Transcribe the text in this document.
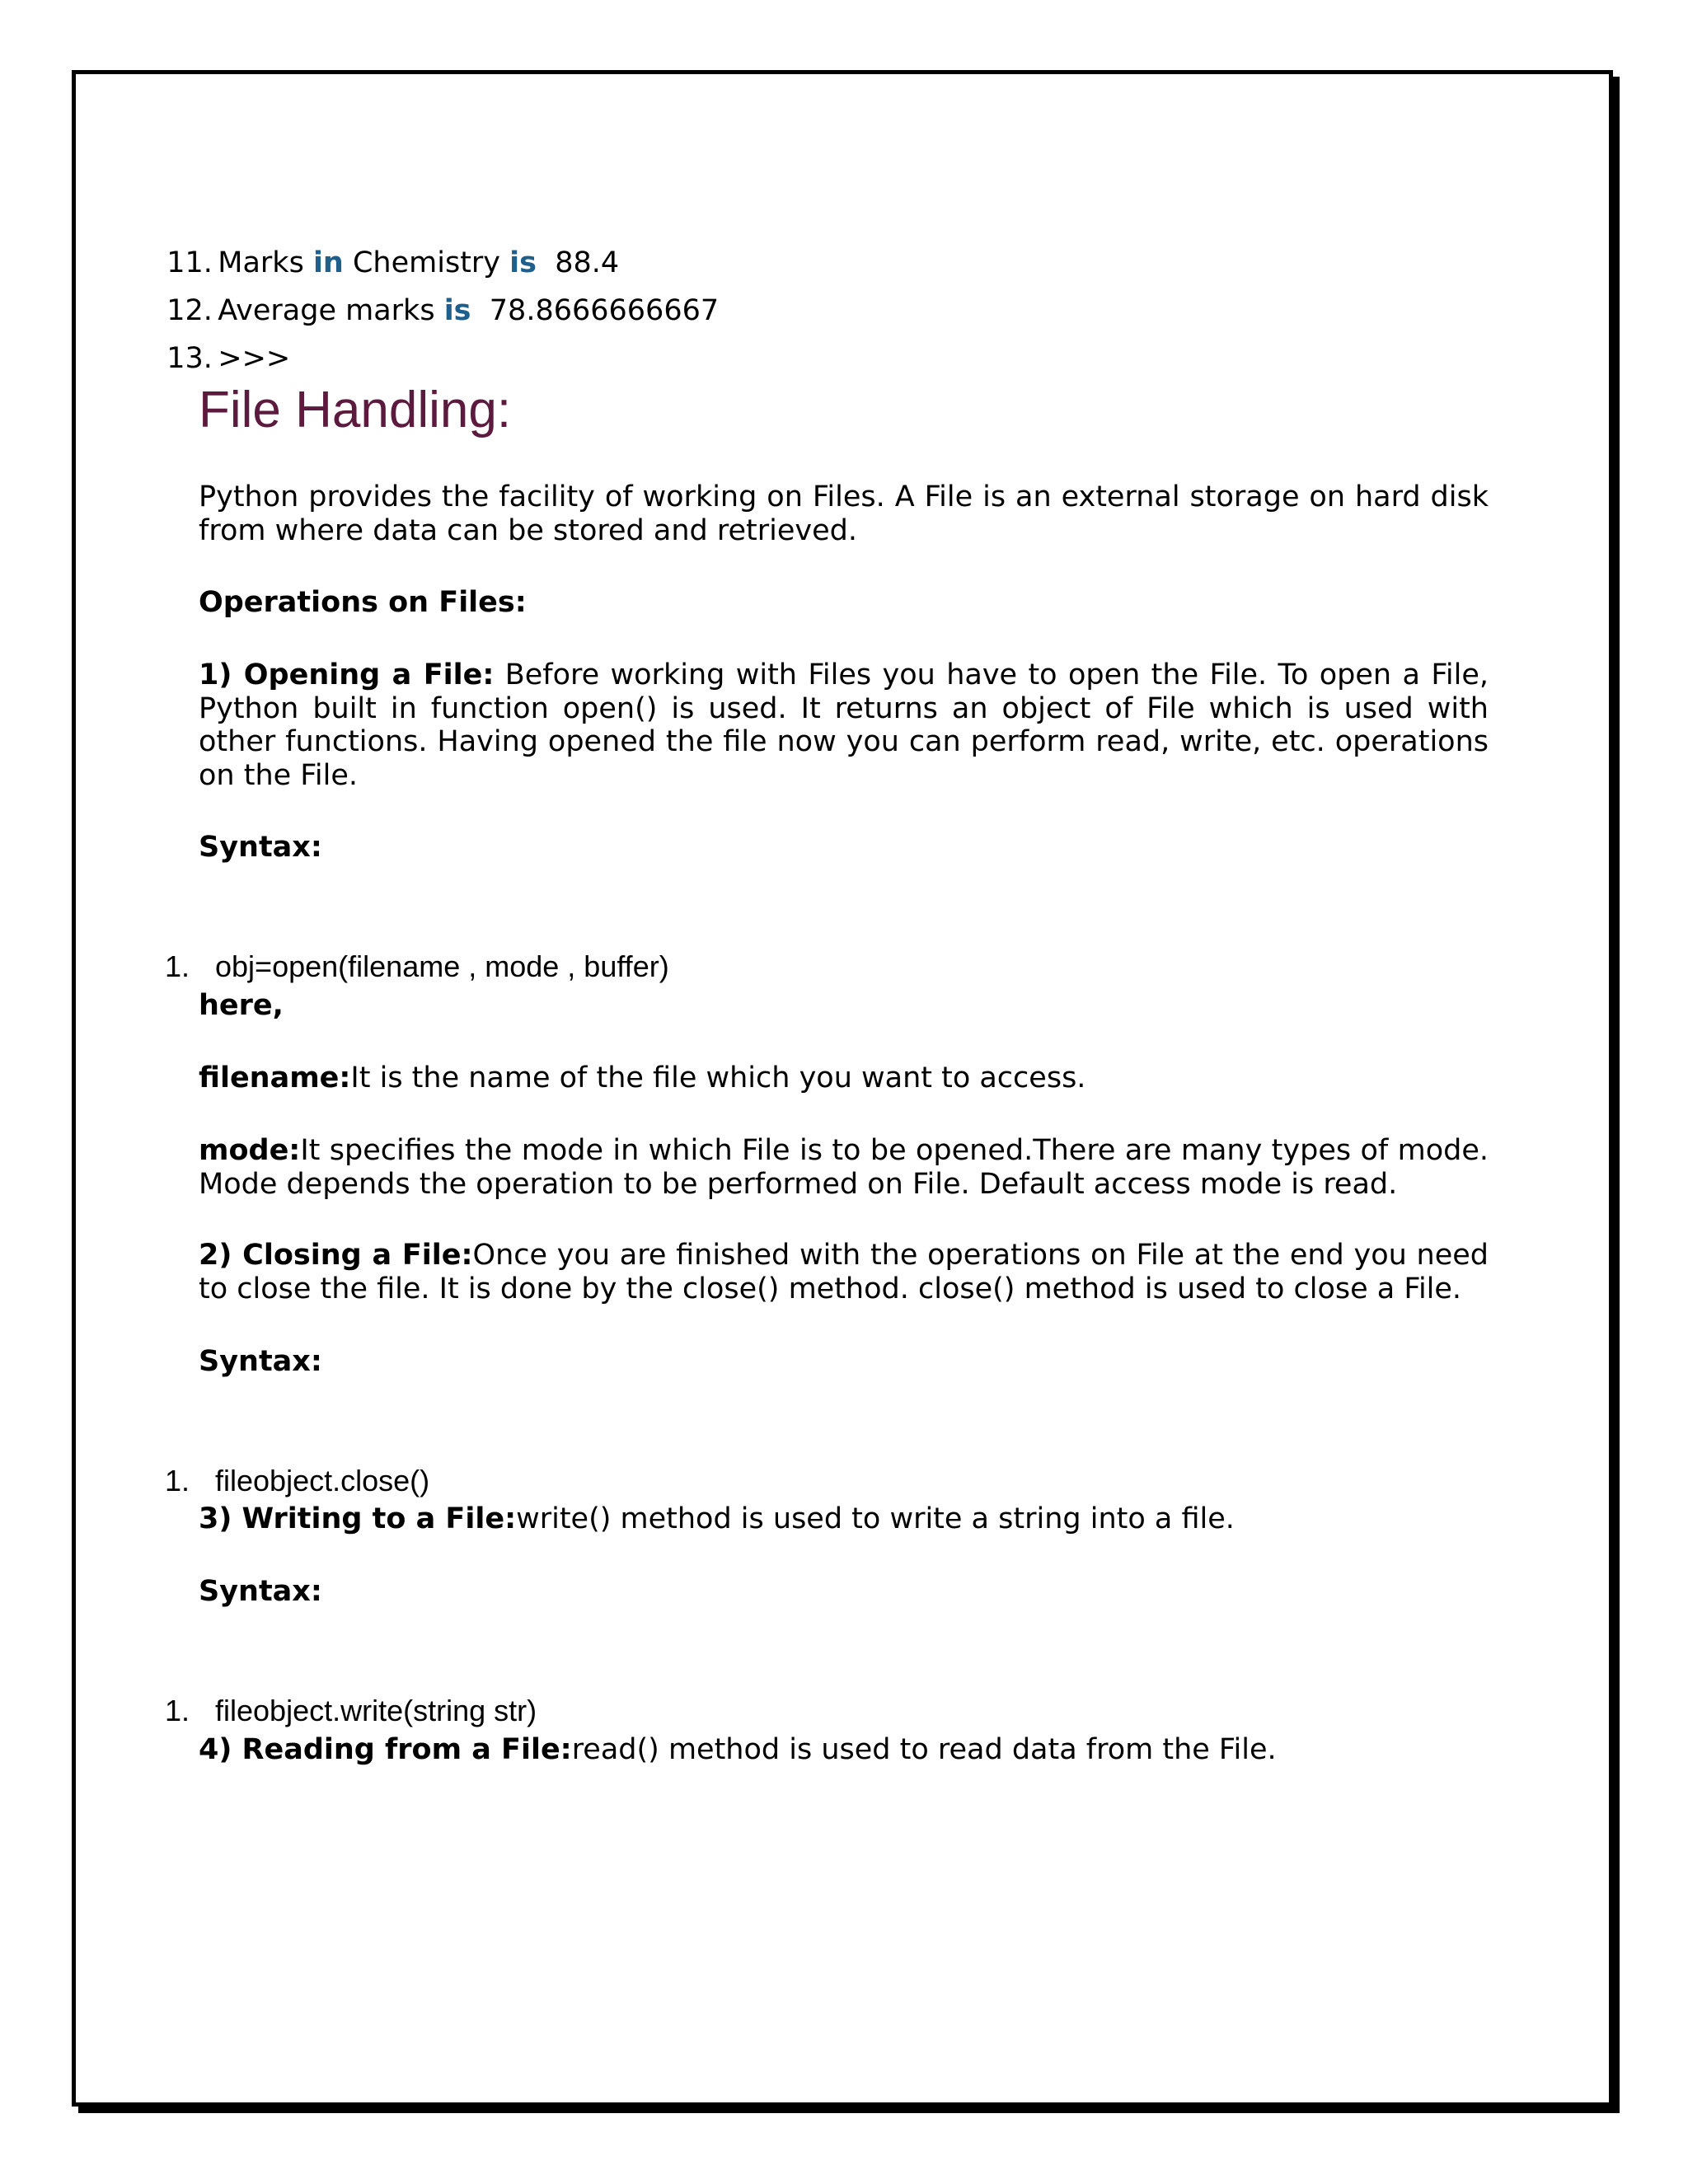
11. Marks in Chemistry is  88.4

12. Average marks is  78.8666666667

13. >>>

File Handling:

Python provides the facility of working on Files. A File is an external storage on hard disk from where data can be stored and retrieved.

Operations on Files:

1) Opening a File: Before working with Files you have to open the File. To open a File, Python built in function open() is used. It returns an object of File which is used with other functions. Having opened the file now you can perform read, write, etc. operations on the File.

Syntax:

1. obj=open(filename , mode , buffer)

here,

filename:It is the name of the file which you want to access.

mode:It specifies the mode in which File is to be opened.There are many types of mode. Mode depends the operation to be performed on File. Default access mode is read.

2) Closing a File:Once you are finished with the operations on File at the end you need to close the file. It is done by the close() method. close() method is used to close a File.

Syntax:

1. fileobject.close()

3) Writing to a File:write() method is used to write a string into a file.

Syntax:

1. fileobject.write(string str)

4) Reading from a File:read() method is used to read data from the File.
